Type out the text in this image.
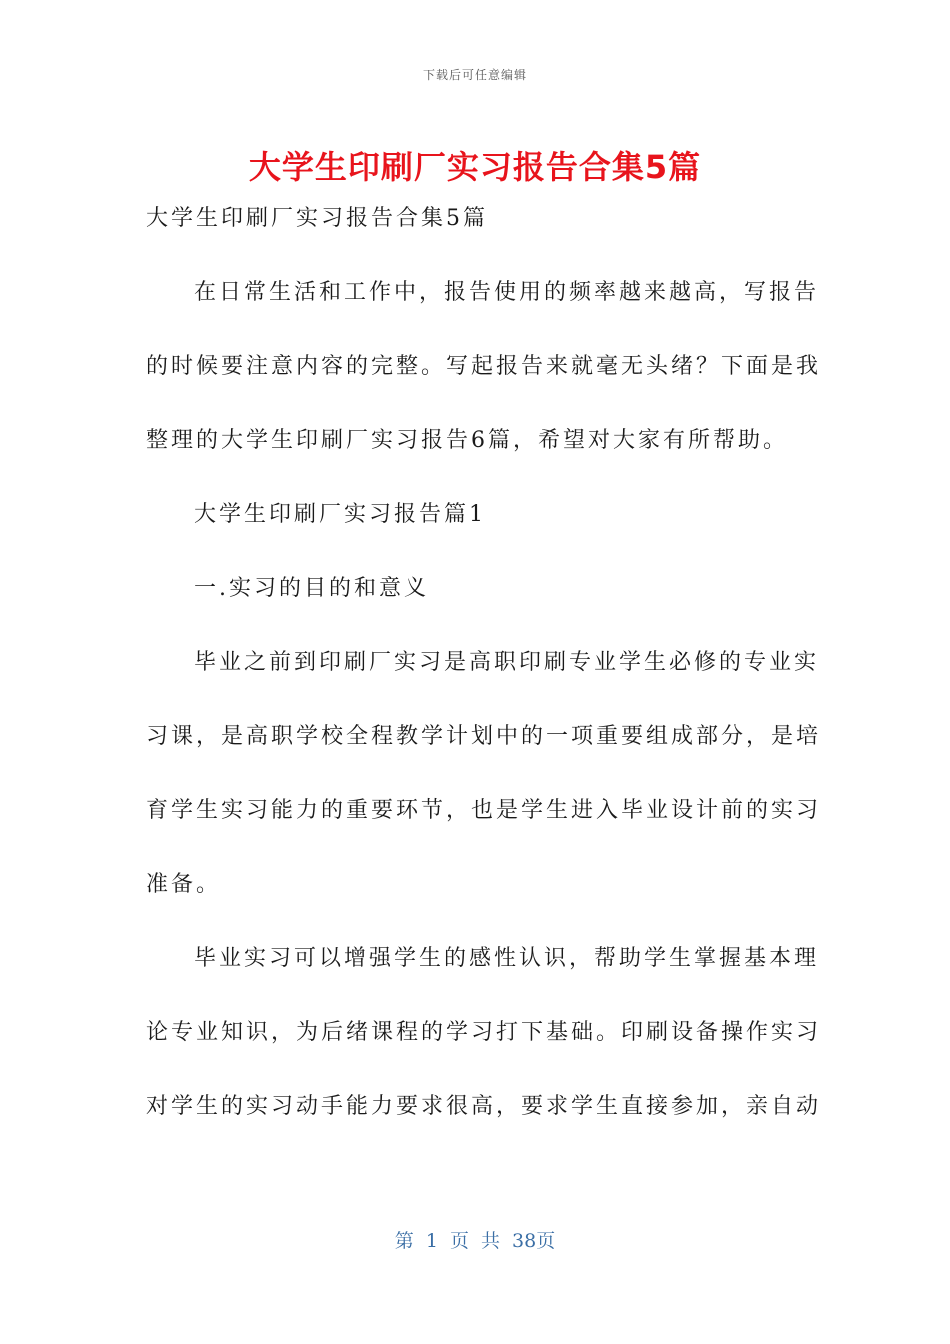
下载后可任意编辑
大学生印刷厂实习报告合集5篇
大学生印刷厂实习报告合集5篇
在日常生活和工作中，报告使用的频率越来越高，写报告
的时候要注意内容的完整。写起报告来就毫无头绪？下面是我
整理的大学生印刷厂实习报告6篇，希望对大家有所帮助。
大学生印刷厂实习报告篇1
一.实习的目的和意义
毕业之前到印刷厂实习是高职印刷专业学生必修的专业实
习课，是高职学校全程教学计划中的一项重要组成部分，是培
育学生实习能力的重要环节，也是学生进入毕业设计前的实习
准备。
毕业实习可以增强学生的感性认识，帮助学生掌握基本理
论专业知识，为后绪课程的学习打下基础。印刷设备操作实习
对学生的实习动手能力要求很高，要求学生直接参加，亲自动
第 1 页 共 38页
